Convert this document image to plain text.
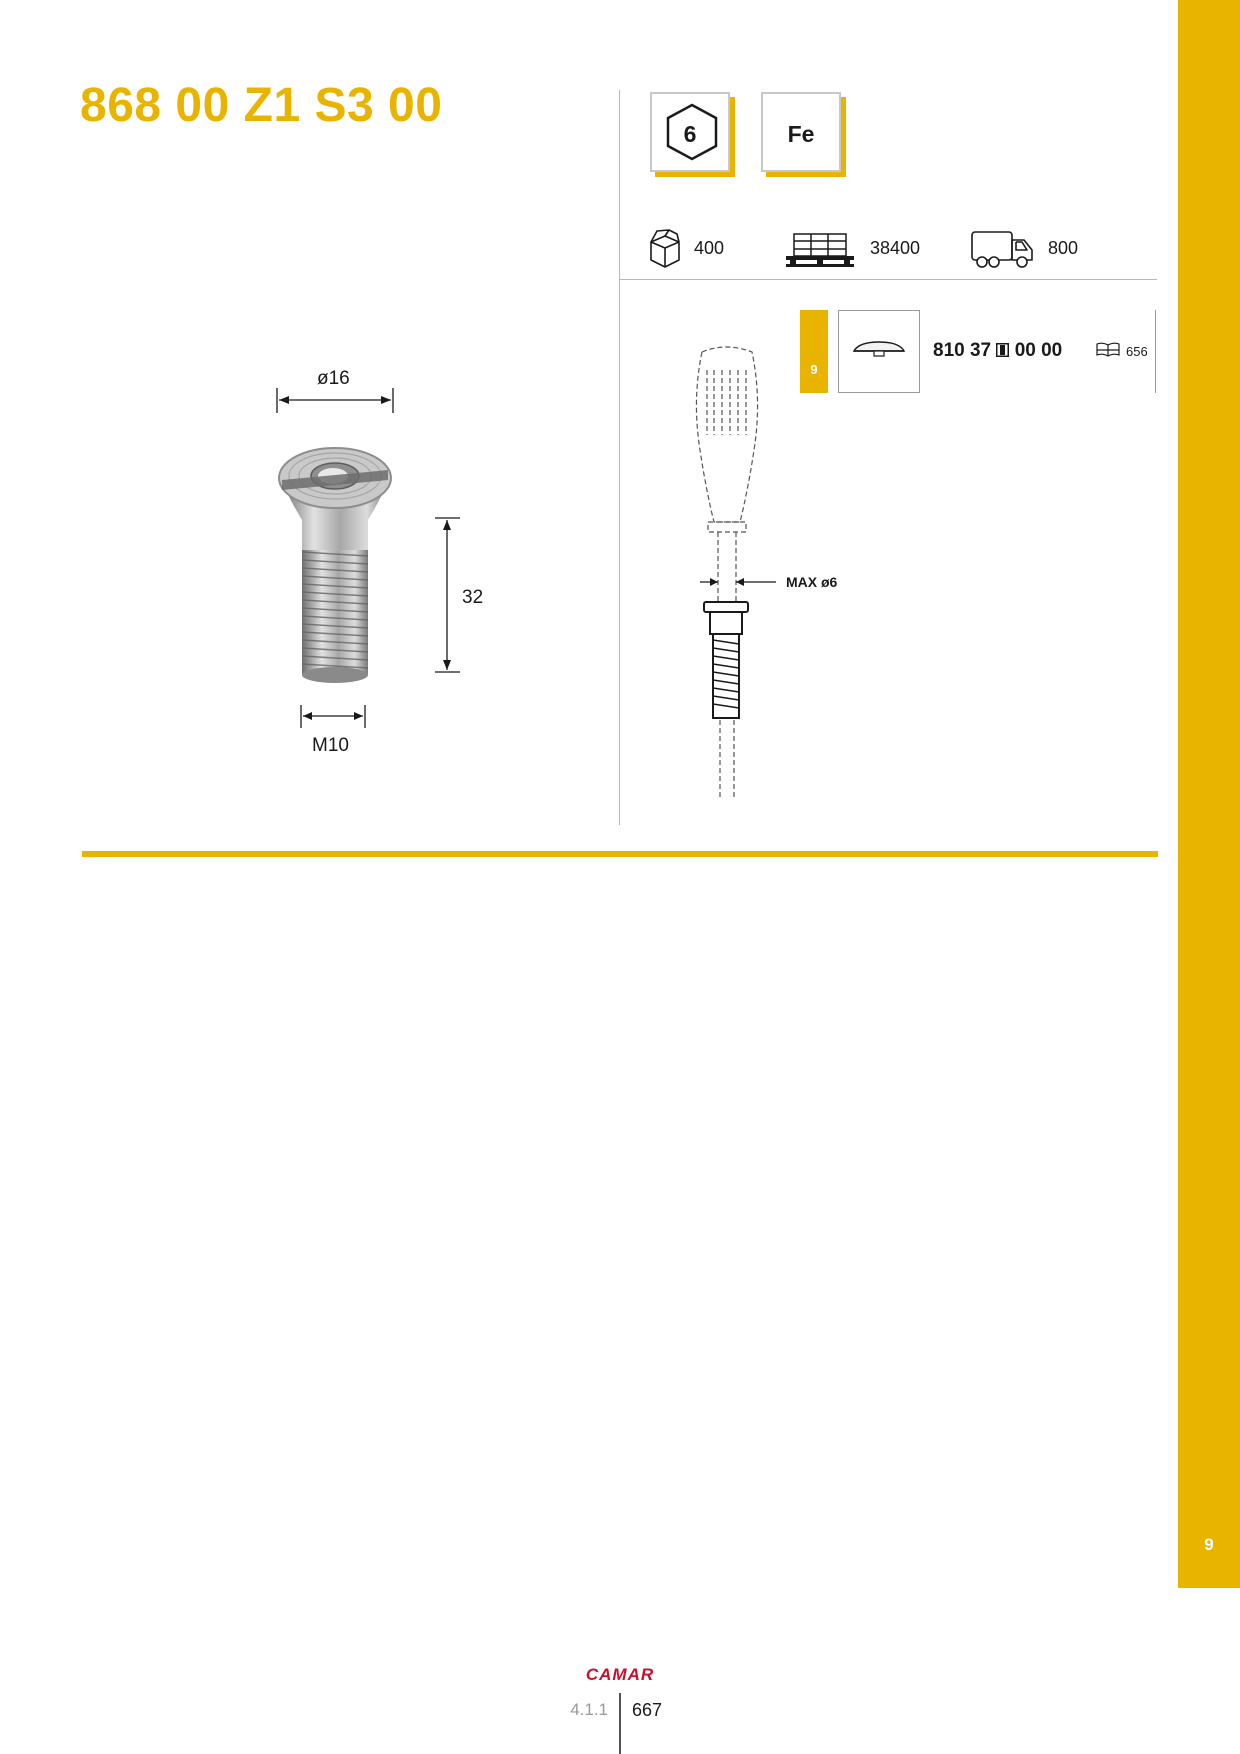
9
868 00 Z1 S3 00
6	Fe
400	38400	800
9
810 37 00 00	656
ø16
32
M10
MAX ø6
CAMAR
4.1.1 667
